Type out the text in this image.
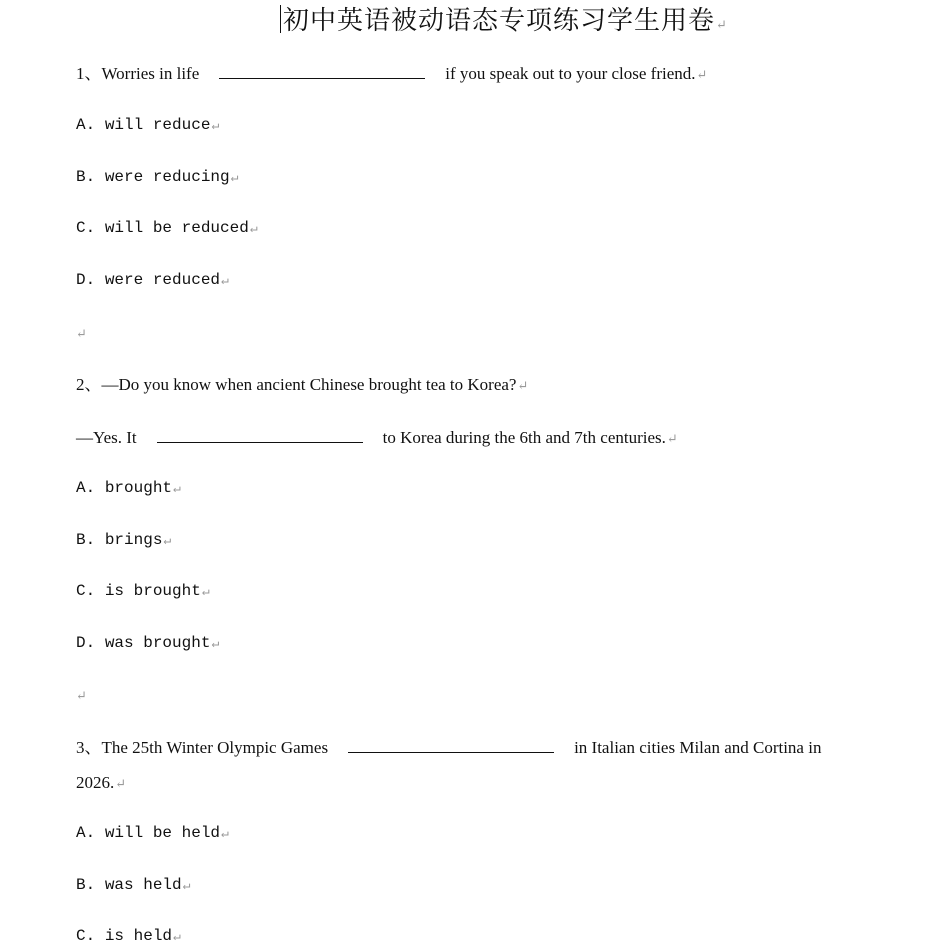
初中英语被动语态专项练习学生用卷↵
1、Worries in life	if you speak out to your close friend.↵
A. will reduce↵
B. were reducing↵
C. will be reduced↵
D. were reduced↵
↵
2、—Do you know when ancient Chinese brought tea to Korea?↵
—Yes. It	to Korea during the 6th and 7th centuries.↵
A. brought↵
B. brings↵
C. is brought↵
D. was brought↵
↵
3、The 25th Winter Olympic Games	in Italian cities Milan and Cortina in
2026.↵
A. will be held↵
B. was held↵
C. is held↵
